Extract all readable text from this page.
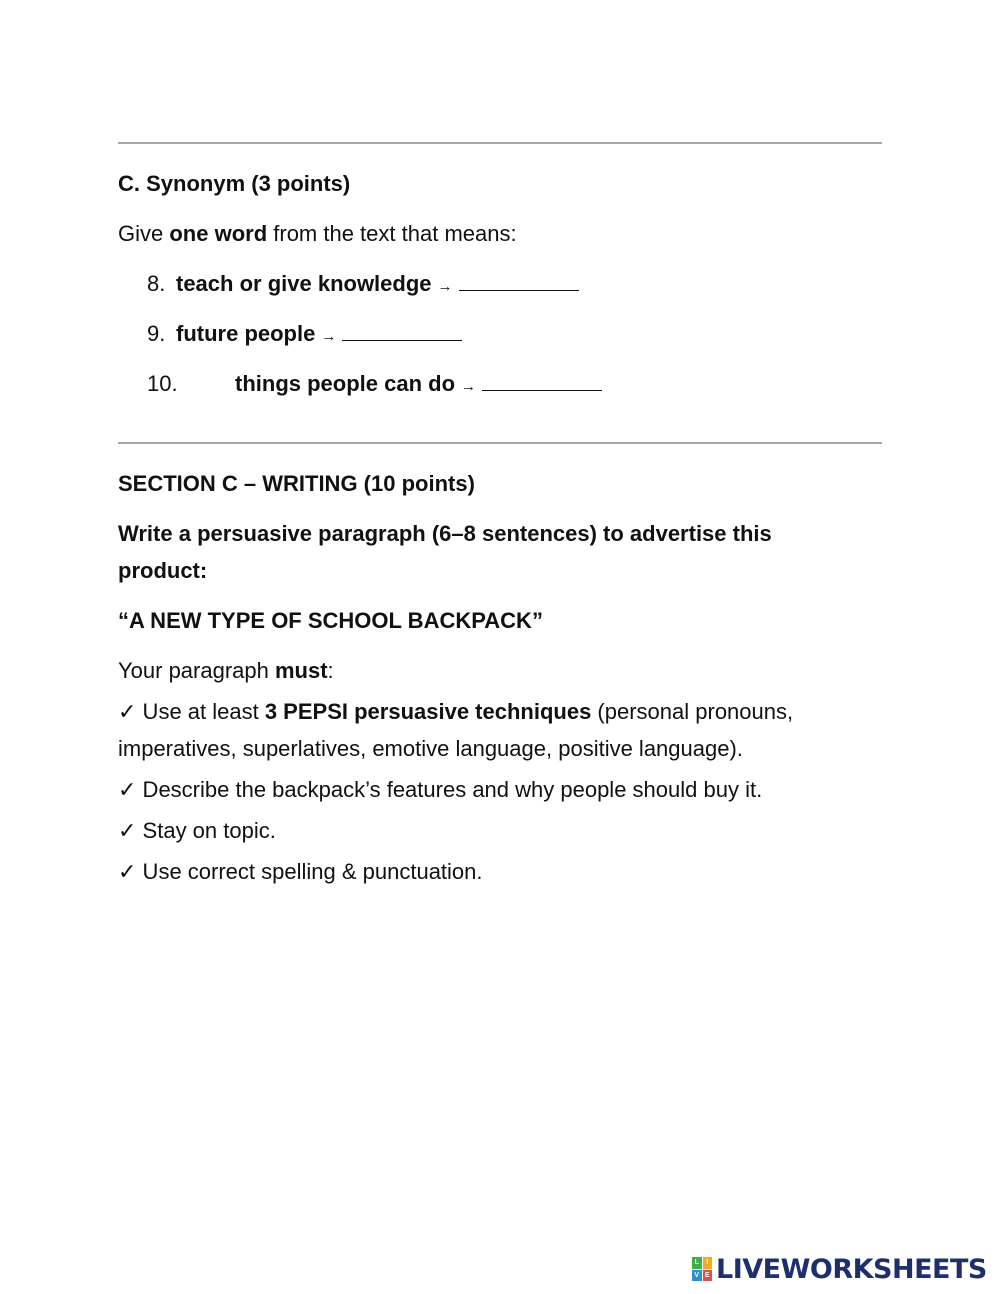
C. Synonym (3 points)
Give one word from the text that means:
8. teach or give knowledge →
9. future people →
10.	things people can do →
SECTION C – WRITING (10 points)
Write a persuasive paragraph (6–8 sentences) to advertise this
product:
“A NEW TYPE OF SCHOOL BACKPACK”
Your paragraph must:
✓ Use at least 3 PEPSI persuasive techniques (personal pronouns, imperatives, superlatives, emotive language, positive language).
✓ Describe the backpack’s features and why people should buy it.
✓ Stay on topic.
✓ Use correct spelling & punctuation.
L	I
V E LIVEWORKSHEETS
